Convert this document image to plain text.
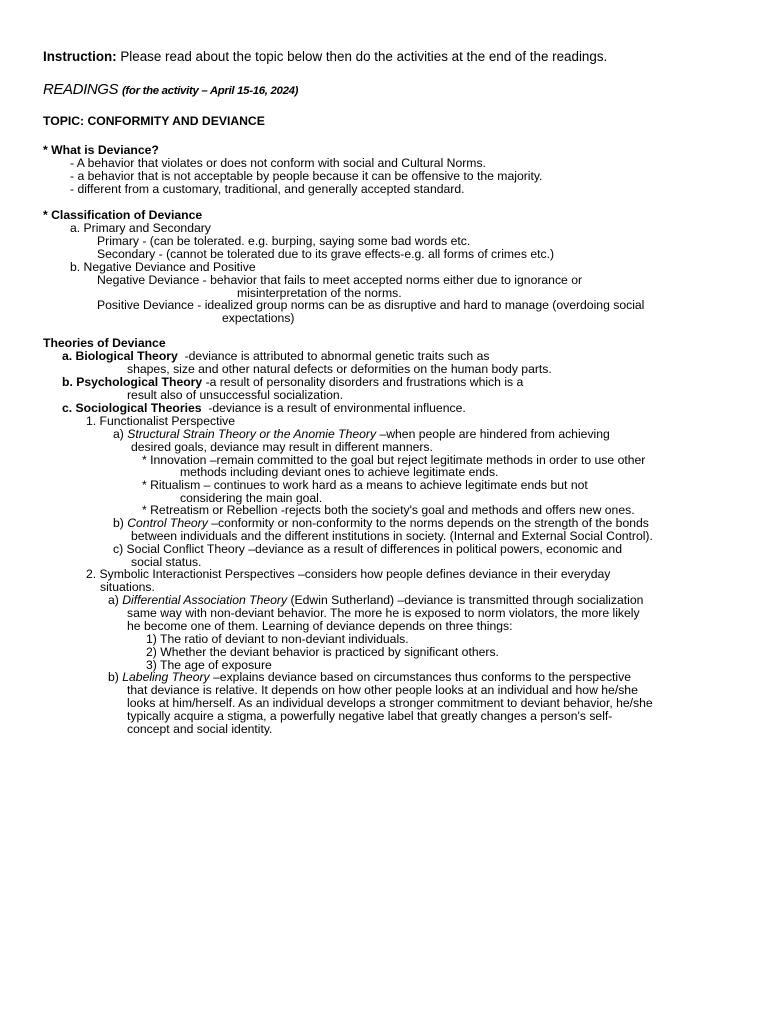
Instruction: Please read about the topic below then do the activities at the end of the readings.
READINGS (for the activity – April 15-16, 2024)
TOPIC: CONFORMITY AND DEVIANCE
* What is Deviance?
- A behavior that violates or does not conform with social and Cultural Norms.
- a behavior that is not acceptable by people because it can be offensive to the majority.
- different from a customary, traditional, and generally accepted standard.
* Classification of Deviance
a. Primary and Secondary
Primary - (can be tolerated. e.g. burping, saying some bad words etc.
Secondary - (cannot be tolerated due to its grave effects-e.g. all forms of crimes etc.)
b. Negative Deviance and Positive
Negative Deviance - behavior that fails to meet accepted norms either due to ignorance or
misinterpretation of the norms.
Positive Deviance - idealized group norms can be as disruptive and hard to manage (overdoing social
expectations)
Theories of Deviance
a. Biological Theory -deviance is attributed to abnormal genetic traits such as
shapes, size and other natural defects or deformities on the human body parts.
b. Psychological Theory -a result of personality disorders and frustrations which is a
result also of unsuccessful socialization.
c. Sociological Theories -deviance is a result of environmental influence.
1. Functionalist Perspective
a) Structural Strain Theory or the Anomie Theory –when people are hindered from achieving
desired goals, deviance may result in different manners.
* Innovation –remain committed to the goal but reject legitimate methods in order to use other
methods including deviant ones to achieve legitimate ends.
* Ritualism – continues to work hard as a means to achieve legitimate ends but not
considering the main goal.
* Retreatism or Rebellion -rejects both the society's goal and methods and offers new ones.
b) Control Theory –conformity or non-conformity to the norms depends on the strength of the bonds
between individuals and the different institutions in society. (Internal and External Social Control).
c) Social Conflict Theory –deviance as a result of differences in political powers, economic and
social status.
2. Symbolic Interactionist Perspectives –considers how people defines deviance in their everyday
situations.
a) Differential Association Theory (Edwin Sutherland) –deviance is transmitted through socialization
same way with non-deviant behavior. The more he is exposed to norm violators, the more likely
he become one of them. Learning of deviance depends on three things:
1) The ratio of deviant to non-deviant individuals.
2) Whether the deviant behavior is practiced by significant others.
3) The age of exposure
b) Labeling Theory –explains deviance based on circumstances thus conforms to the perspective
that deviance is relative. It depends on how other people looks at an individual and how he/she
looks at him/herself. As an individual develops a stronger commitment to deviant behavior, he/she
typically acquire a stigma, a powerfully negative label that greatly changes a person's self-
concept and social identity.
